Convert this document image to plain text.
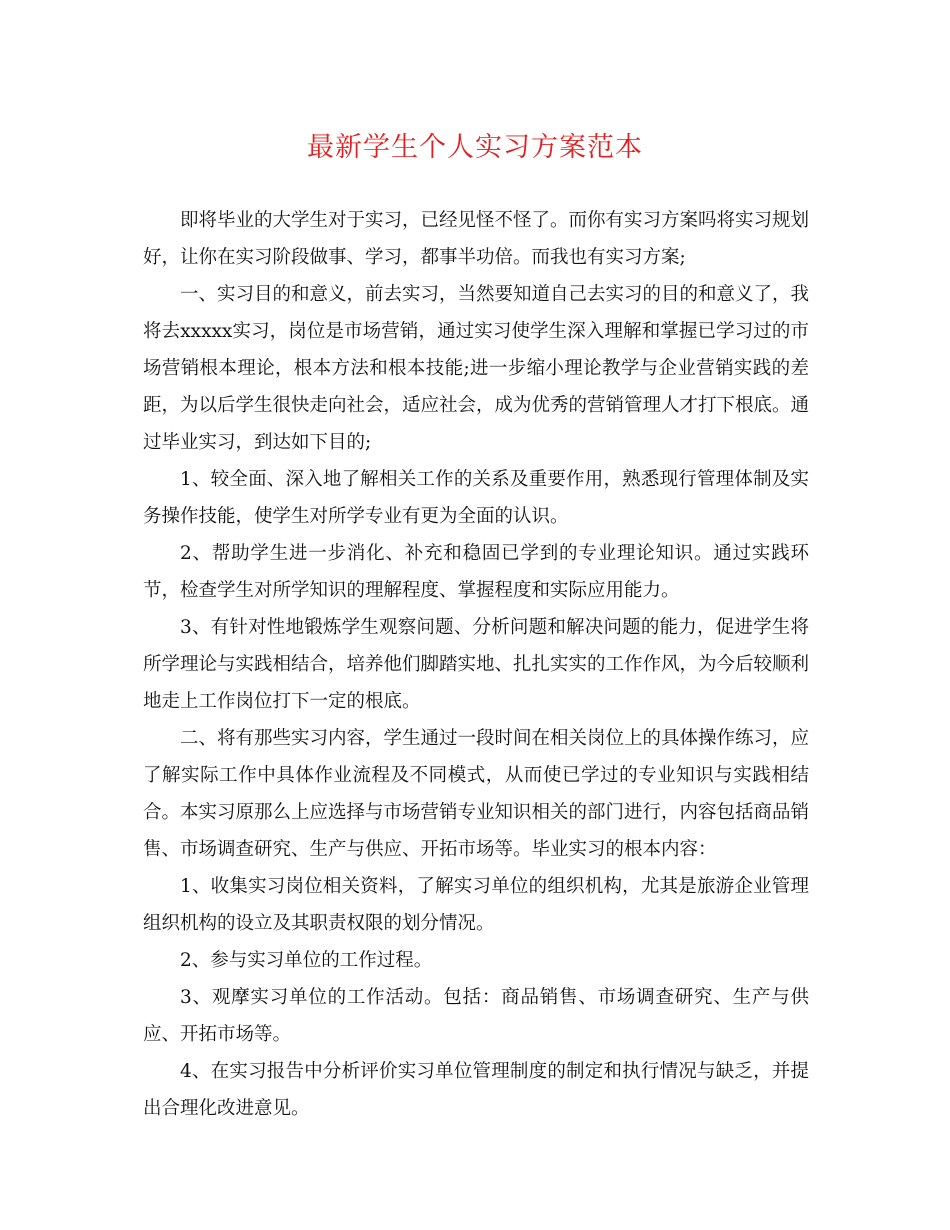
最新学生个人实习方案范本

即将毕业的大学生对于实习，已经见怪不怪了。而你有实习方案吗将实习规划好，让你在实习阶段做事、学习，都事半功倍。而我也有实习方案;

一、实习目的和意义，前去实习，当然要知道自己去实习的目的和意义了，我将去xxxxx实习，岗位是市场营销，通过实习使学生深入理解和掌握已学习过的市场营销根本理论，根本方法和根本技能;进一步缩小理论教学与企业营销实践的差距，为以后学生很快走向社会，适应社会，成为优秀的营销管理人才打下根底。通过毕业实习，到达如下目的;

1、较全面、深入地了解相关工作的关系及重要作用，熟悉现行管理体制及实务操作技能，使学生对所学专业有更为全面的认识。

2、帮助学生进一步消化、补充和稳固已学到的专业理论知识。通过实践环节，检查学生对所学知识的理解程度、掌握程度和实际应用能力。

3、有针对性地锻炼学生观察问题、分析问题和解决问题的能力，促进学生将所学理论与实践相结合，培养他们脚踏实地、扎扎实实的工作作风，为今后较顺利地走上工作岗位打下一定的根底。

二、将有那些实习内容，学生通过一段时间在相关岗位上的具体操作练习，应了解实际工作中具体作业流程及不同模式，从而使已学过的专业知识与实践相结合。本实习原那么上应选择与市场营销专业知识相关的部门进行，内容包括商品销售、市场调查研究、生产与供应、开拓市场等。毕业实习的根本内容：

1、收集实习岗位相关资料，了解实习单位的组织机构，尤其是旅游企业管理组织机构的设立及其职责权限的划分情况。

2、参与实习单位的工作过程。

3、观摩实习单位的工作活动。包括：商品销售、市场调查研究、生产与供应、开拓市场等。

4、在实习报告中分析评价实习单位管理制度的制定和执行情况与缺乏，并提出合理化改进意见。
